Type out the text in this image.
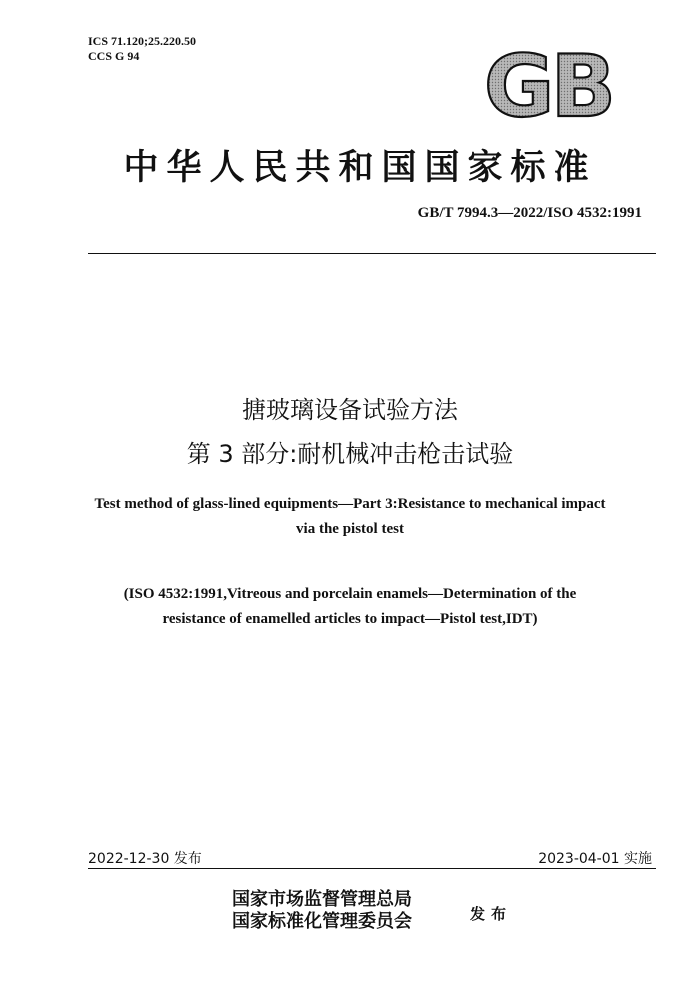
ICS 71.120;25.220.50
CCS G 94	GB
中华人民共和国国家标准
GB/T 7994.3—2022/ISO 4532:1991
搪玻璃设备试验方法
第 3 部分:耐机械冲击枪击试验
Test method of glass-lined equipments—Part 3:Resistance to mechanical impact
via the pistol test
(ISO 4532:1991,Vitreous and porcelain enamels—Determination of the
resistance of enamelled articles to impact—Pistol test,IDT)
2022-12-30 发布	2023-04-01 实施
国家市场监督管理总局
国家标准化管理委员会	发布
